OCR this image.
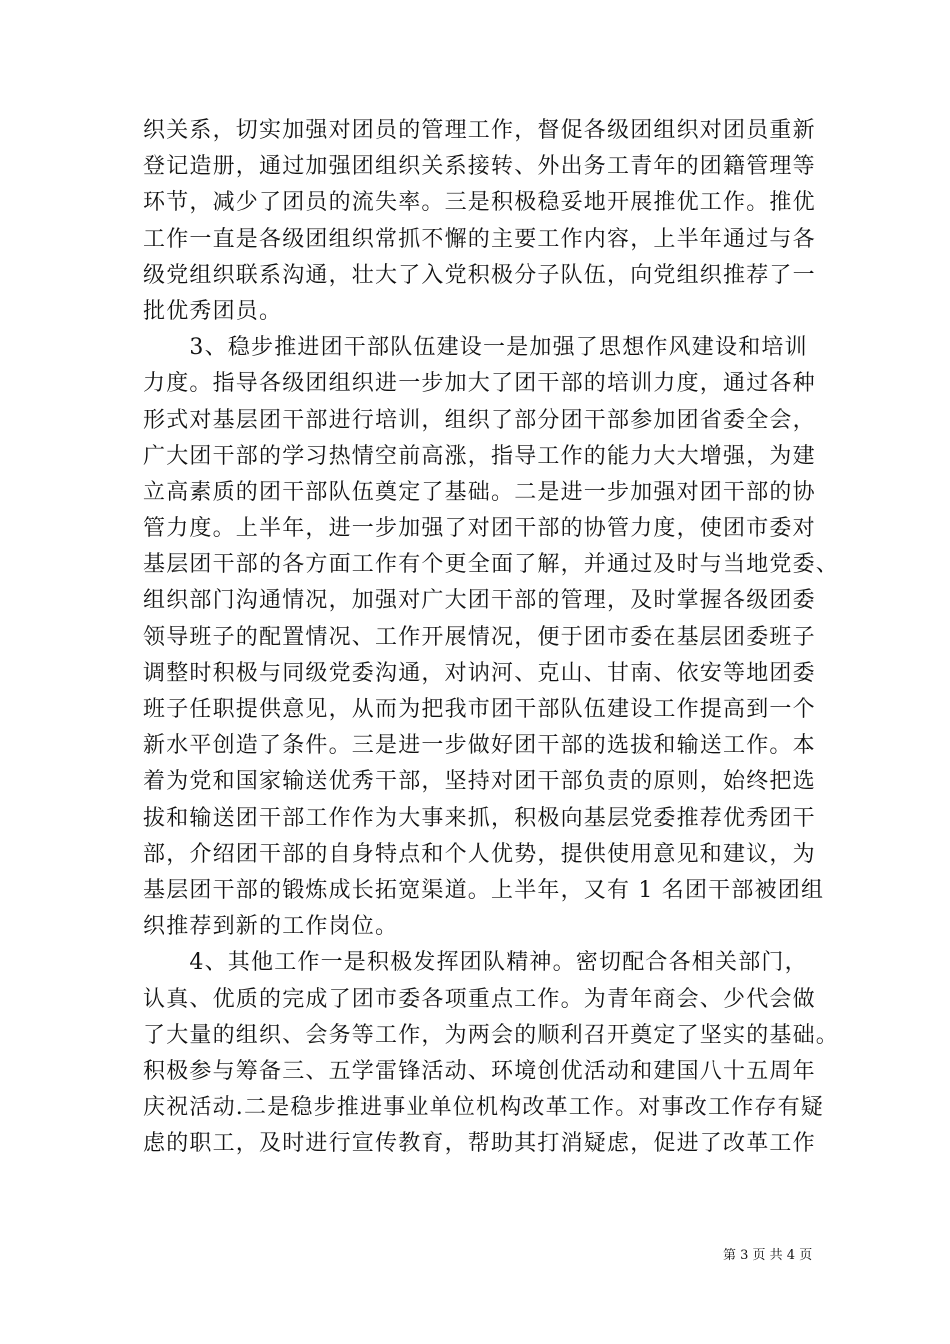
织关系，切实加强对团员的管理工作，督促各级团组织对团员重新
登记造册，通过加强团组织关系接转、外出务工青年的团籍管理等
环节，减少了团员的流失率。三是积极稳妥地开展推优工作。推优
工作一直是各级团组织常抓不懈的主要工作内容，上半年通过与各
级党组织联系沟通，壮大了入党积极分子队伍，向党组织推荐了一
批优秀团员。
　　3、稳步推进团干部队伍建设一是加强了思想作风建设和培训
力度。指导各级团组织进一步加大了团干部的培训力度，通过各种
形式对基层团干部进行培训，组织了部分团干部参加团省委全会，
广大团干部的学习热情空前高涨，指导工作的能力大大增强，为建
立高素质的团干部队伍奠定了基础。二是进一步加强对团干部的协
管力度。上半年，进一步加强了对团干部的协管力度，使团市委对
基层团干部的各方面工作有个更全面了解，并通过及时与当地党委、
组织部门沟通情况，加强对广大团干部的管理，及时掌握各级团委
领导班子的配置情况、工作开展情况，便于团市委在基层团委班子
调整时积极与同级党委沟通，对讷河、克山、甘南、依安等地团委
班子任职提供意见，从而为把我市团干部队伍建设工作提高到一个
新水平创造了条件。三是进一步做好团干部的选拔和输送工作。本
着为党和国家输送优秀干部，坚持对团干部负责的原则，始终把选
拔和输送团干部工作作为大事来抓，积极向基层党委推荐优秀团干
部，介绍团干部的自身特点和个人优势，提供使用意见和建议，为
基层团干部的锻炼成长拓宽渠道。上半年，又有 1 名团干部被团组
织推荐到新的工作岗位。
　　4、其他工作一是积极发挥团队精神。密切配合各相关部门，
认真、优质的完成了团市委各项重点工作。为青年商会、少代会做
了大量的组织、会务等工作，为两会的顺利召开奠定了坚实的基础。
积极参与筹备三、五学雷锋活动、环境创优活动和建国八十五周年
庆祝活动.二是稳步推进事业单位机构改革工作。对事改工作存有疑
虑的职工，及时进行宣传教育，帮助其打消疑虑，促进了改革工作
第 3 页 共 4 页
